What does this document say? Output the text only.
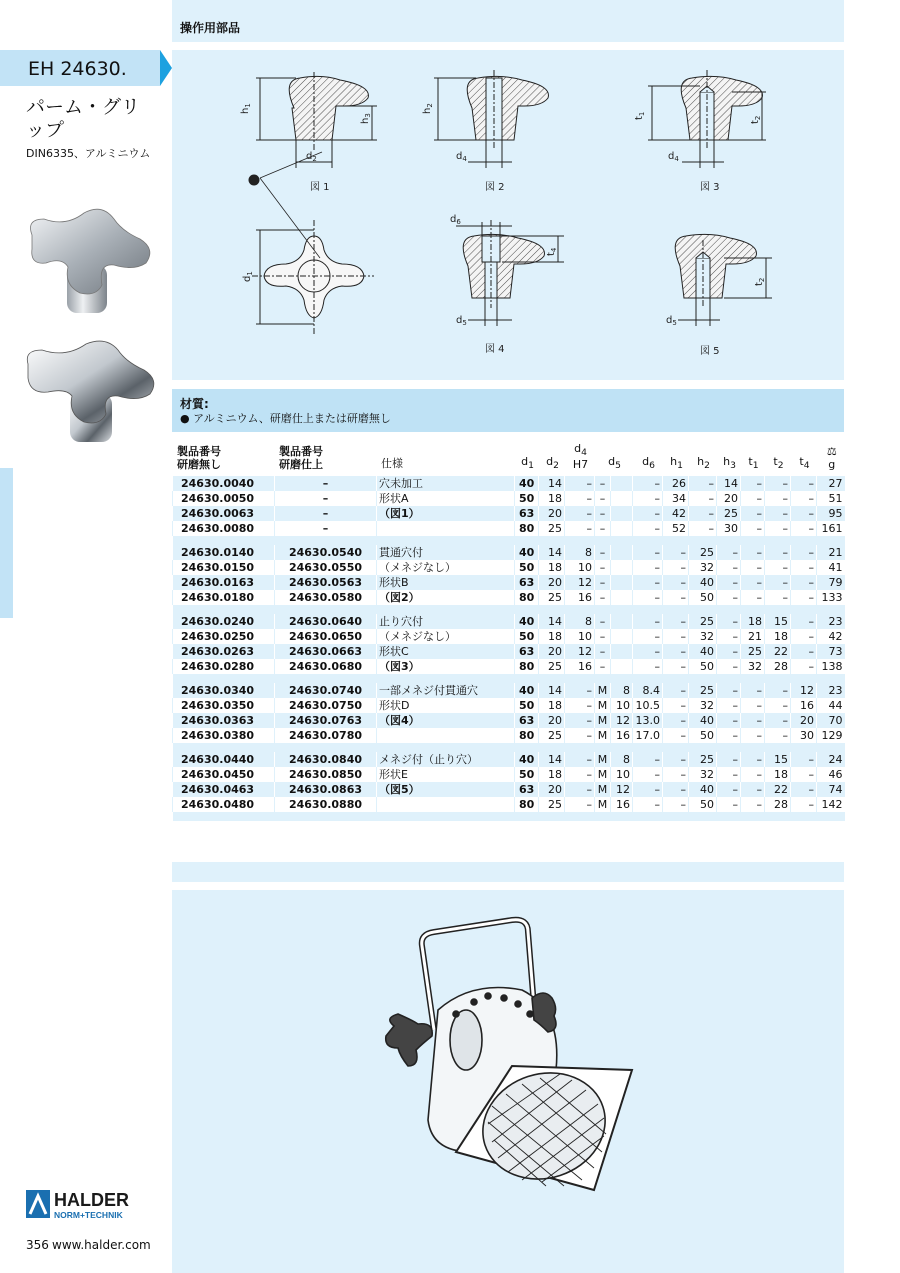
操作用部品
EH 24630.
パーム・グリップ
DIN6335、アルミニウム
$h_1$
$h_3$
$d_2$
$h_2$
$d_4$
$t_1$
$t_2$
$d_4$
$d_1$
$d_6$
$t_4$
$d_5$
$t_2$
$d_5$
図 1	図 2	図 3
図 4	図 5
材質:
● アルミニウム、研磨仕上または研磨無し
製品番号
研磨無し	製品番号
研磨仕上	仕様	$d_1$	$d_2$	$d_4$
H7	$d_5$		$d_6$	$h_1$	$h_2$	$h_3$	$t_1$	$t_2$	$t_4$	⚖
g
24630.0040	–	穴未加工	40	14	–	–		–	26	–	14	–	–	–	27
24630.0050	–	形状A	50	18	–	–		–	34	–	20	–	–	–	51
24630.0063	–	（図1）	63	20	–	–		–	42	–	25	–	–	–	95
24630.0080	–		80	25	–	–		–	52	–	30	–	–	–	161

24630.0140	24630.0540	貫通穴付	40	14	8	–		–	–	25	–	–	–	–	21
24630.0150	24630.0550	（メネジなし）	50	18	10	–		–	–	32	–	–	–	–	41
24630.0163	24630.0563	形状B	63	20	12	–		–	–	40	–	–	–	–	79
24630.0180	24630.0580	（図2）	80	25	16	–		–	–	50	–	–	–	–	133

24630.0240	24630.0640	止り穴付	40	14	8	–		–	–	25	–	18	15	–	23
24630.0250	24630.0650	（メネジなし）	50	18	10	–		–	–	32	–	21	18	–	42
24630.0263	24630.0663	形状C	63	20	12	–		–	–	40	–	25	22	–	73
24630.0280	24630.0680	（図3）	80	25	16	–		–	–	50	–	32	28	–	138

24630.0340	24630.0740	一部メネジ付貫通穴	40	14	–	M	8	8.4	–	25	–	–	–	12	23
24630.0350	24630.0750	形状D	50	18	–	M	10	10.5	–	32	–	–	–	16	44
24630.0363	24630.0763	（図4）	63	20	–	M	12	13.0	–	40	–	–	–	20	70
24630.0380	24630.0780		80	25	–	M	16	17.0	–	50	–	–	–	30	129

24630.0440	24630.0840	メネジ付（止り穴）	40	14	–	M	8	–	–	25	–	–	15	–	24
24630.0450	24630.0850	形状E	50	18	–	M	10	–	–	32	–	–	18	–	46
24630.0463	24630.0863	（図5）	63	20	–	M	12	–	–	40	–	–	22	–	74
24630.0480	24630.0880		80	25	–	M	16	–	–	50	–	–	28	–	142

HALDER
NORM+TECHNIK
356 www.halder.com
